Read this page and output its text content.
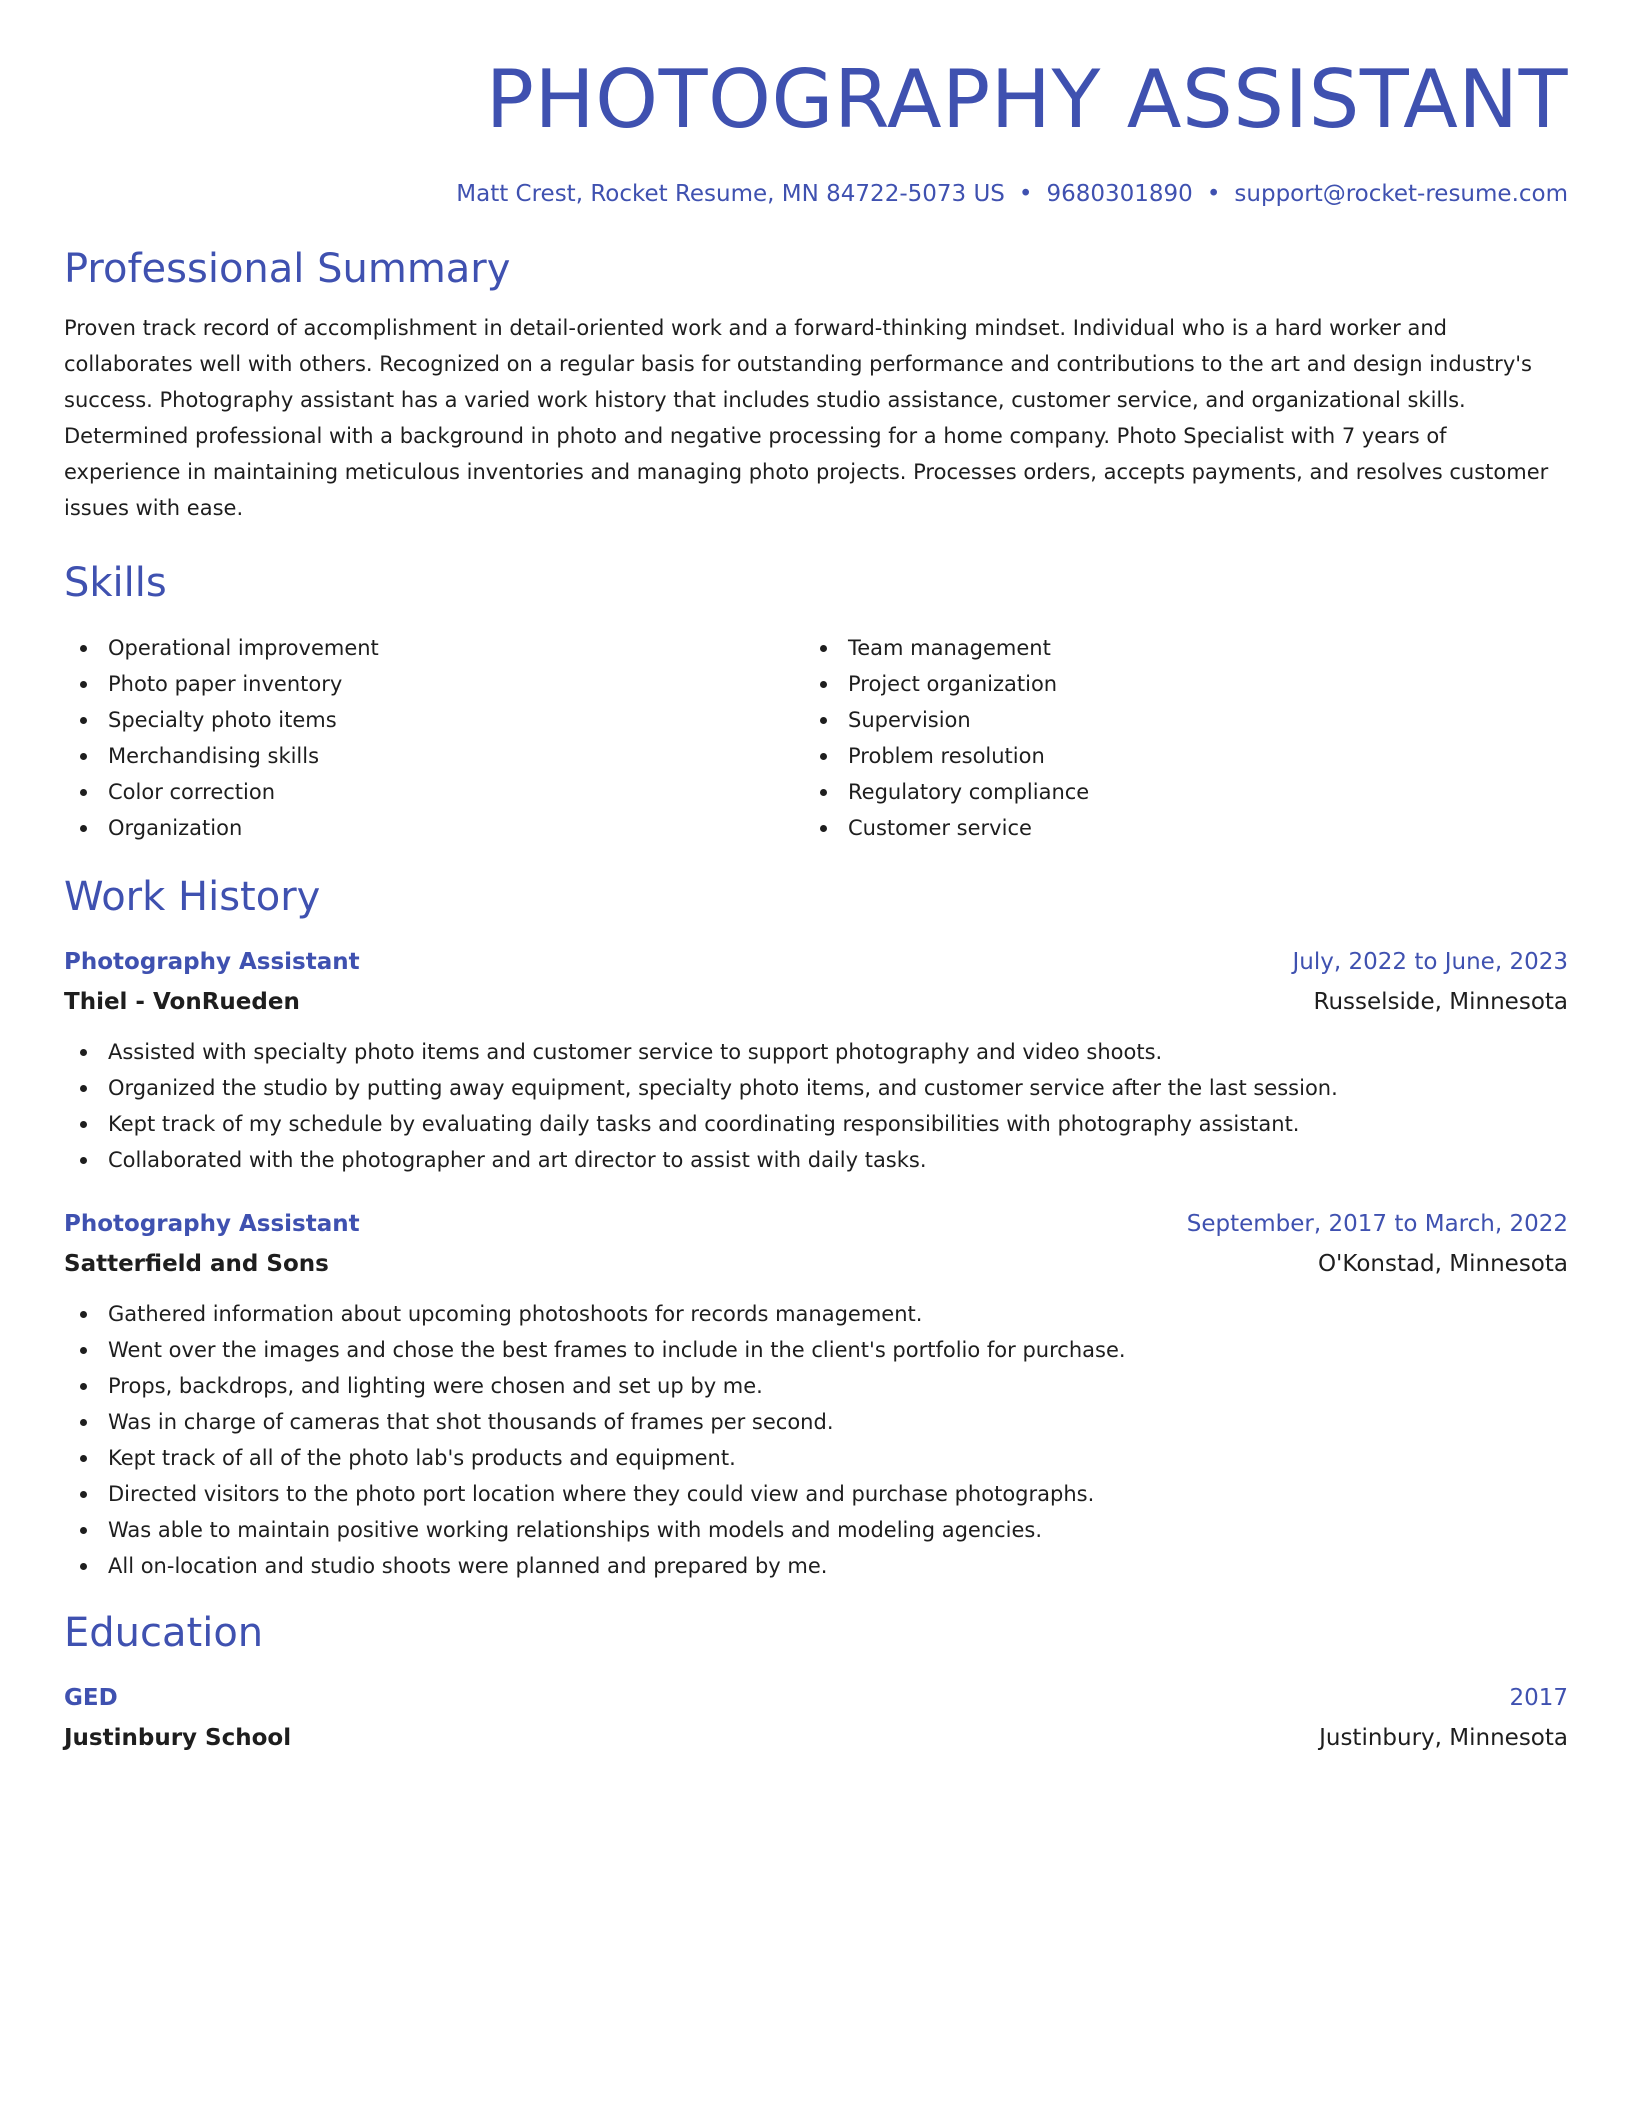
PHOTOGRAPHY ASSISTANT
Matt Crest, Rocket Resume, MN 84722-5073 US • 9680301890 • support@rocket-resume.com
Professional Summary

Proven track record of accomplishment in detail-oriented work and a forward-thinking mindset. Individual who is a hard worker and collaborates well with others. Recognized on a regular basis for outstanding performance and contributions to the art and design industry's success. Photography assistant has a varied work history that includes studio assistance, customer service, and organizational skills. Determined professional with a background in photo and negative processing for a home company. Photo Specialist with 7 years of experience in maintaining meticulous inventories and managing photo projects. Processes orders, accepts payments, and resolves customer issues with ease.

Skills
Operational improvement
Photo paper inventory
Specialty photo items
Merchandising skills
Color correction
Organization
Team management
Project organization
Supervision
Problem resolution
Regulatory compliance
Customer service
Work History
Photography Assistant	July, 2022 to June, 2023
Thiel - VonRueden	Russelside, Minnesota
Assisted with specialty photo items and customer service to support photography and video shoots.
Organized the studio by putting away equipment, specialty photo items, and customer service after the last session.
Kept track of my schedule by evaluating daily tasks and coordinating responsibilities with photography assistant.
Collaborated with the photographer and art director to assist with daily tasks.
Photography Assistant	September, 2017 to March, 2022
Satterfield and Sons	O'Konstad, Minnesota
Gathered information about upcoming photoshoots for records management.
Went over the images and chose the best frames to include in the client's portfolio for purchase.
Props, backdrops, and lighting were chosen and set up by me.
Was in charge of cameras that shot thousands of frames per second.
Kept track of all of the photo lab's products and equipment.
Directed visitors to the photo port location where they could view and purchase photographs.
Was able to maintain positive working relationships with models and modeling agencies.
All on-location and studio shoots were planned and prepared by me.
Education
GED	2017
Justinbury School	Justinbury, Minnesota
